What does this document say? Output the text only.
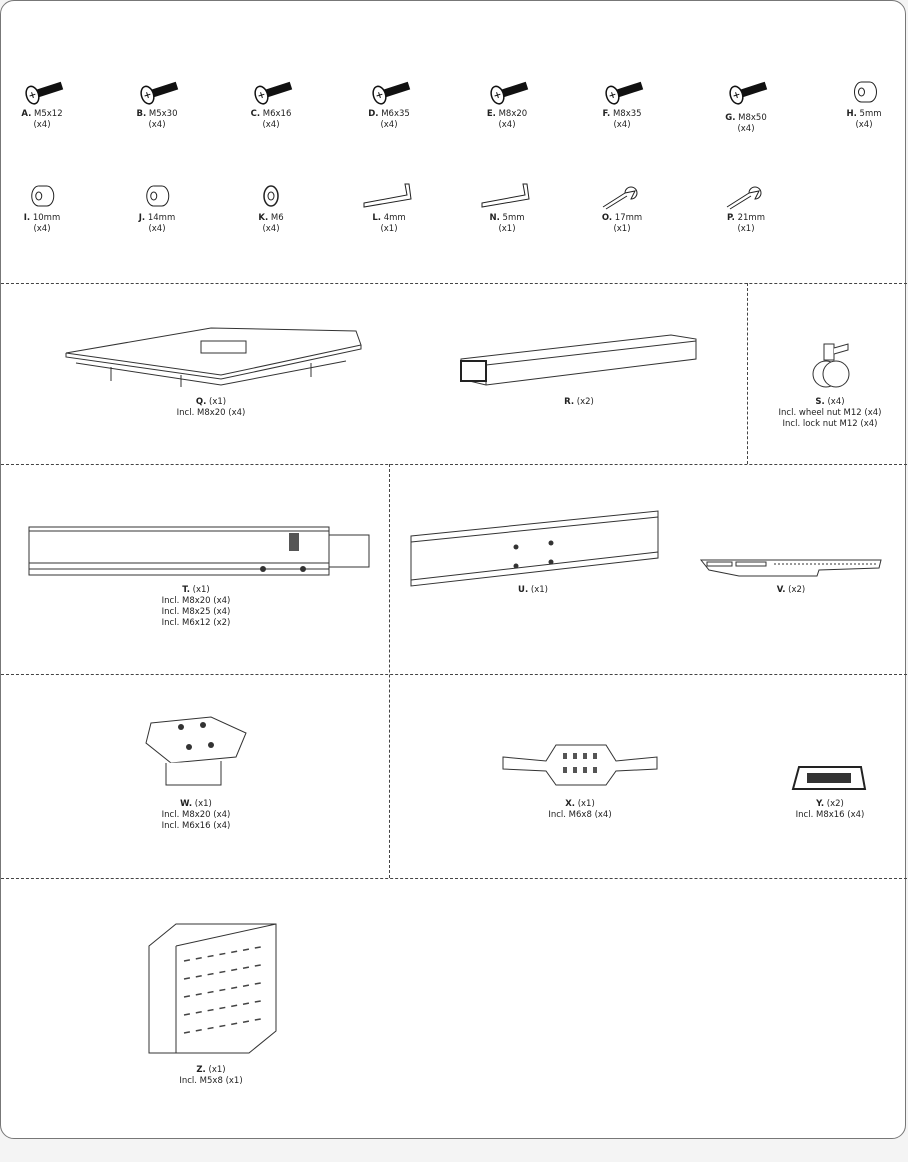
A. M5x12
(x4)
B. M5x30
(x4)
C. M6x16
(x4)
D. M6x35
(x4)
E. M8x20
(x4)
F. M8x35
(x4)
G. M8x50
(x4)
H. 5mm
(x4)
I. 10mm
(x4)
J. 14mm
(x4)
K. M6
(x4)
L. 4mm
(x1)
N. 5mm
(x1)
O. 17mm
(x1)
P. 21mm
(x1)
Q. (x1)
Incl. M8x20 (x4)
R. (x2)	S. (x4)
Incl. wheel nut M12 (x4)
Incl. lock nut M12 (x4)
T. (x1)
Incl. M8x20 (x4)
Incl. M8x25 (x4)
Incl. M6x12 (x2)
U. (x1)	V. (x2)
W. (x1)
Incl. M8x20 (x4)
Incl. M6x16 (x4)
X. (x1)
Incl. M6x8 (x4)
Y. (x2)
Incl. M8x16 (x4)
Z. (x1)
Incl. M5x8 (x1)
